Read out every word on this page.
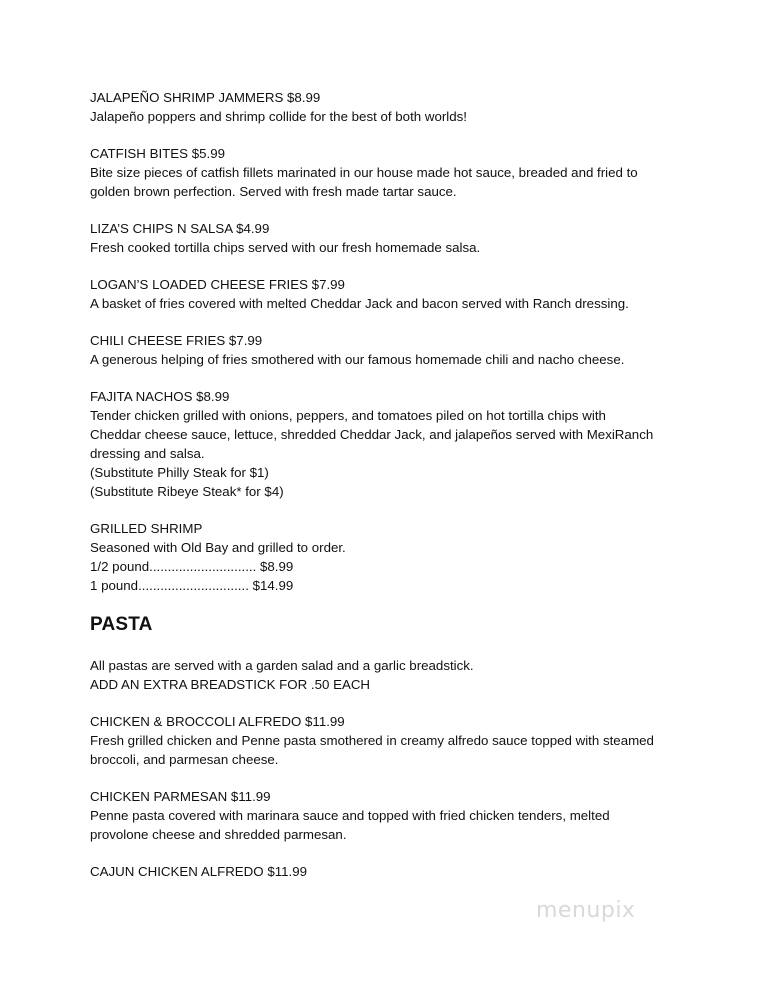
JALAPEÑO SHRIMP JAMMERS $8.99

Jalapeño poppers and shrimp collide for the best of both worlds!

CATFISH BITES $5.99

Bite size pieces of catfish fillets marinated in our house made hot sauce, breaded and fried to

golden brown perfection. Served with fresh made tartar sauce.

LIZA’S CHIPS N SALSA $4.99

Fresh cooked tortilla chips served with our fresh homemade salsa.

LOGAN’S LOADED CHEESE FRIES $7.99

A basket of fries covered with melted Cheddar Jack and bacon served with Ranch dressing.

CHILI CHEESE FRIES $7.99

A generous helping of fries smothered with our famous homemade chili and nacho cheese.

FAJITA NACHOS $8.99

Tender chicken grilled with onions, peppers, and tomatoes piled on hot tortilla chips with

Cheddar cheese sauce, lettuce, shredded Cheddar Jack, and jalapeños served with MexiRanch

dressing and salsa.

(Substitute Philly Steak for $1)

(Substitute Ribeye Steak* for $4)

GRILLED SHRIMP

Seasoned with Old Bay and grilled to order.

1/2 pound............................. $8.99

1 pound.............................. $14.99

PASTA

All pastas are served with a garden salad and a garlic breadstick.

ADD AN EXTRA BREADSTICK FOR .50 EACH

CHICKEN & BROCCOLI ALFREDO $11.99

Fresh grilled chicken and Penne pasta smothered in creamy alfredo sauce topped with steamed

broccoli, and parmesan cheese.

CHICKEN PARMESAN $11.99

Penne pasta covered with marinara sauce and topped with fried chicken tenders, melted

provolone cheese and shredded parmesan.

CAJUN CHICKEN ALFREDO $11.99

menupix
